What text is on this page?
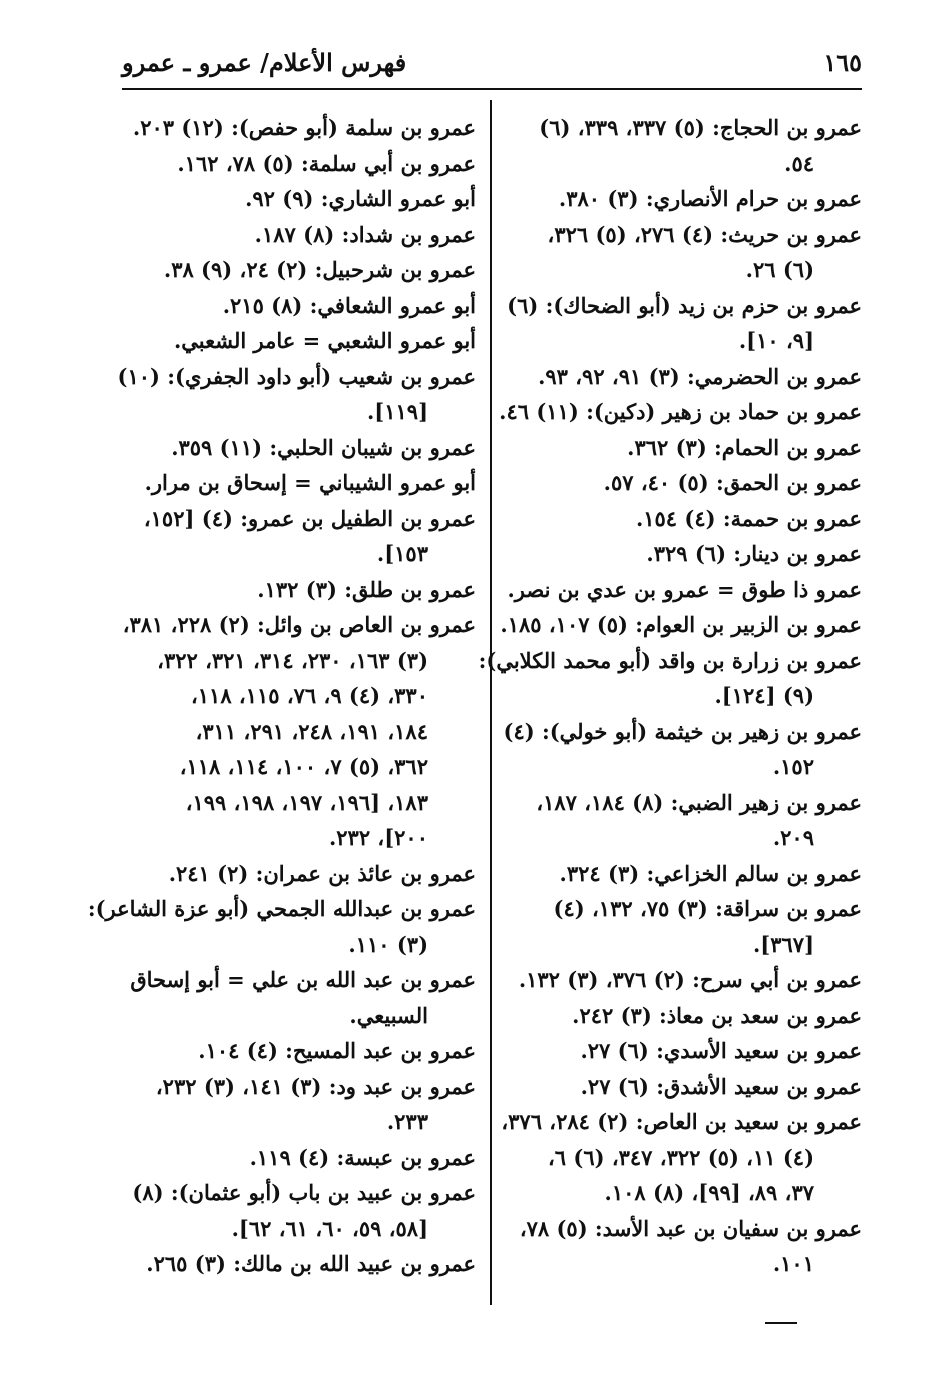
١٦٥
فهرس الأعلام/ عمرو ـ عمرو

عمرو بن الحجاج: (٥) ٣٣٧، ٣٣٩، (٦)
٥٤.

عمرو بن حرام الأنصاري: (٣) ٣٨٠.

عمرو بن حريث: (٤) ٢٧٦، (٥) ٣٢٦،
(٦) ٢٦.

عمرو بن حزم بن زيد (أبو الضحاك): (٦)
[٩، ١٠].

عمرو بن الحضرمي: (٣) ٩١، ٩٢، ٩٣.

عمرو بن حماد بن زهير (دكين): (١١) ٤٦.

عمرو بن الحمام: (٣) ٣٦٢.

عمرو بن الحمق: (٥) ٤٠، ٥٧.

عمرو بن حممة: (٤) ١٥٤.

عمرو بن دينار: (٦) ٣٢٩.

عمرو ذا طوق = عمرو بن عدي بن نصر.

عمرو بن الزبير بن العوام: (٥) ١٠٧، ١٨٥.

عمرو بن زرارة بن واقد (أبو محمد الكلابي):
(٩) [١٢٤].

عمرو بن زهير بن خيثمة (أبو خولي): (٤)
١٥٢.

عمرو بن زهير الضبي: (٨) ١٨٤، ١٨٧،
٢٠٩.

عمرو بن سالم الخزاعي: (٣) ٣٢٤.

عمرو بن سراقة: (٣) ٧٥، ١٣٢، (٤)
[٣٦٧].

عمرو بن أبي سرح: (٢) ٣٧٦، (٣) ١٣٢.

عمرو بن سعد بن معاذ: (٣) ٢٤٢.

عمرو بن سعيد الأسدي: (٦) ٢٧.

عمرو بن سعيد الأشدق: (٦) ٢٧.

عمرو بن سعيد بن العاص: (٢) ٢٨٤، ٣٧٦،
(٤) ١١، (٥) ٣٢٢، ٣٤٧، (٦) ٦،
٣٧، ٨٩، [٩٩]، (٨) ١٠٨.

عمرو بن سفيان بن عبد الأسد: (٥) ٧٨،
١٠١.

عمرو بن سلمة (أبو حفص): (١٢) ٢٠٣.

عمرو بن أبي سلمة: (٥) ٧٨، ١٦٢.

أبو عمرو الشاري: (٩) ٩٢.

عمرو بن شداد: (٨) ١٨٧.

عمرو بن شرحبيل: (٢) ٢٤، (٩) ٣٨.

أبو عمرو الشعافي: (٨) ٢١٥.

أبو عمرو الشعبي = عامر الشعبي.

عمرو بن شعيب (أبو داود الجفري): (١٠)
[١١٩].

عمرو بن شيبان الحلبي: (١١) ٣٥٩.

أبو عمرو الشيباني = إسحاق بن مرار.

عمرو بن الطفيل بن عمرو: (٤) [١٥٢،
١٥٣].

عمرو بن طلق: (٣) ١٣٢.

عمرو بن العاص بن وائل: (٢) ٢٢٨، ٣٨١،
(٣) ١٦٣، ٢٣٠، ٣١٤، ٣٢١، ٣٢٢،
٣٣٠، (٤) ٩، ٧٦، ١١٥، ١١٨،
١٨٤، ١٩١، ٢٤٨، ٢٩١، ٣١١،
٣٦٢، (٥) ٧، ١٠٠، ١١٤، ١١٨،
١٨٣، [١٩٦، ١٩٧، ١٩٨، ١٩٩،
٢٠٠]، ٢٣٢.

عمرو بن عائذ بن عمران: (٢) ٢٤١.

عمرو بن عبدالله الجمحي (أبو عزة الشاعر):
(٣) ١١٠.

عمرو بن عبد الله بن علي = أبو إسحاق
السبيعي.

عمرو بن عبد المسيح: (٤) ١٠٤.

عمرو بن عبد ود: (٣) ١٤١، (٣) ٢٣٢،
٢٣٣.

عمرو بن عبسة: (٤) ١١٩.

عمرو بن عبيد بن باب (أبو عثمان): (٨)
[٥٨، ٥٩، ٦٠، ٦١، ٦٢].

عمرو بن عبيد الله بن مالك: (٣) ٢٦٥.
